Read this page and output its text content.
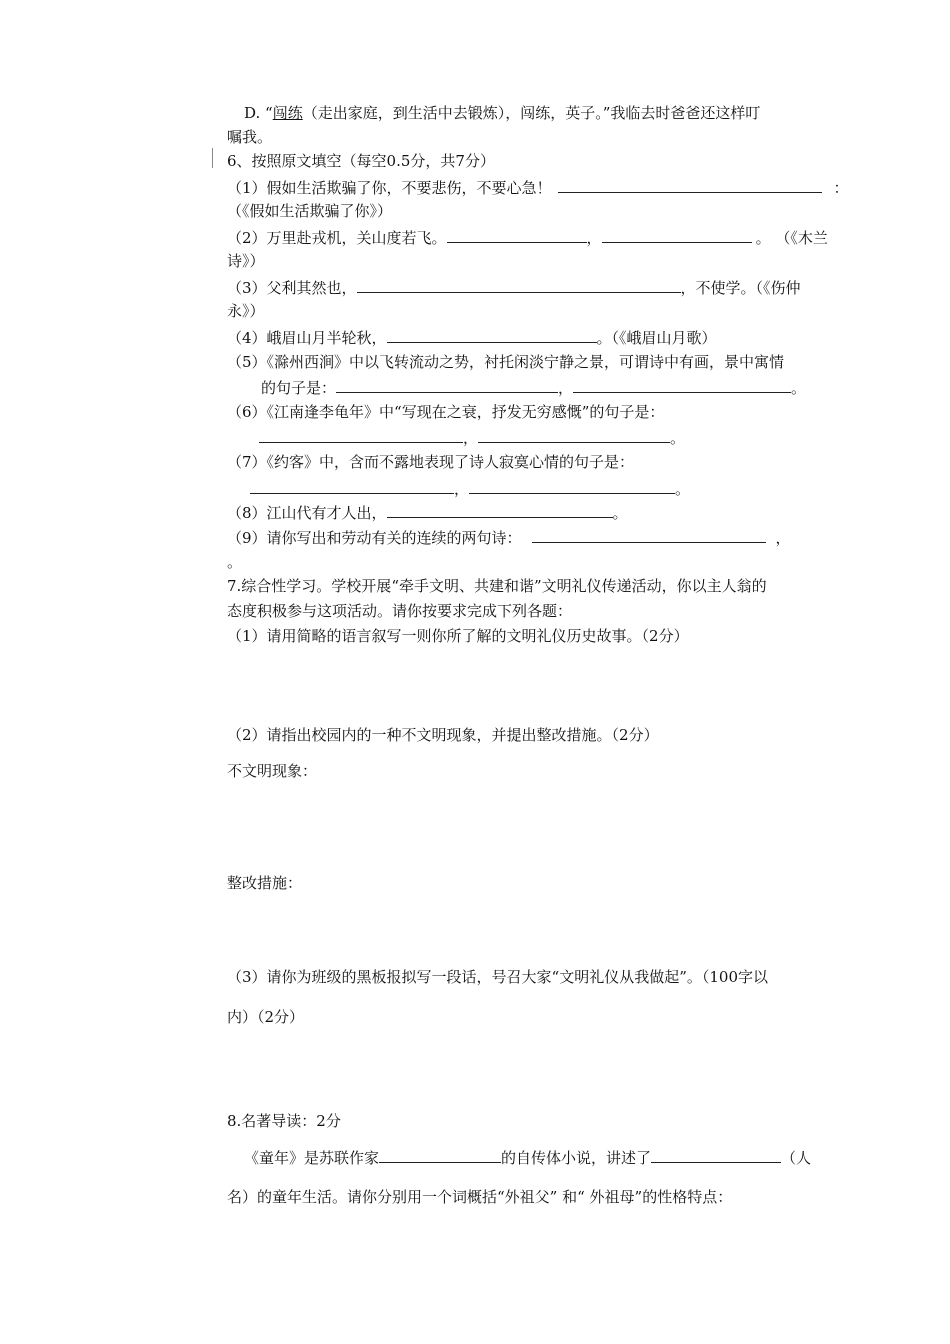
D. “闯练（走出家庭，到生活中去锻炼），闯练，英子。”我临去时爸爸还这样叮
嘱我。
6、按照原文填空（每空0.5分，共7分）
（1）假如生活欺骗了你，不要悲伤，不要心急！	：
（《假如生活欺骗了你》）
（2）万里赴戎机，关山度若飞。	，	。 （《木兰
诗》）
（3）父利其然也，	，不使学。（《伤仲
永》）
（4）峨眉山月半轮秋，	。（《峨眉山月歌）
（5）《滁州西涧》中以飞转流动之势，衬托闲淡宁静之景，可谓诗中有画，景中寓情
的句子是：	，	。
（6）《江南逢李龟年》中“写现在之衰，抒发无穷感慨”的句子是：
，	。
（7）《约客》中，含而不露地表现了诗人寂寞心情的句子是：
，	。
（8）江山代有才人出，	。
（9）请你写出和劳动有关的连续的两句诗：	，
。
7.综合性学习。学校开展“牵手文明、共建和谐”文明礼仪传递活动，你以主人翁的
态度积极参与这项活动。请你按要求完成下列各题：
（1）请用简略的语言叙写一则你所了解的文明礼仪历史故事。（2分）
（2）请指出校园内的一种不文明现象，并提出整改措施。（2分）
不文明现象：
整改措施：
（3）请你为班级的黑板报拟写一段话，号召大家“文明礼仪从我做起”。（100字以
内）（2分）
8.名著导读：2分
《童年》是苏联作家	的自传体小说，讲述了	（人
名）的童年生活。请你分别用一个词概括“外祖父” 和“ 外祖母”的性格特点：
